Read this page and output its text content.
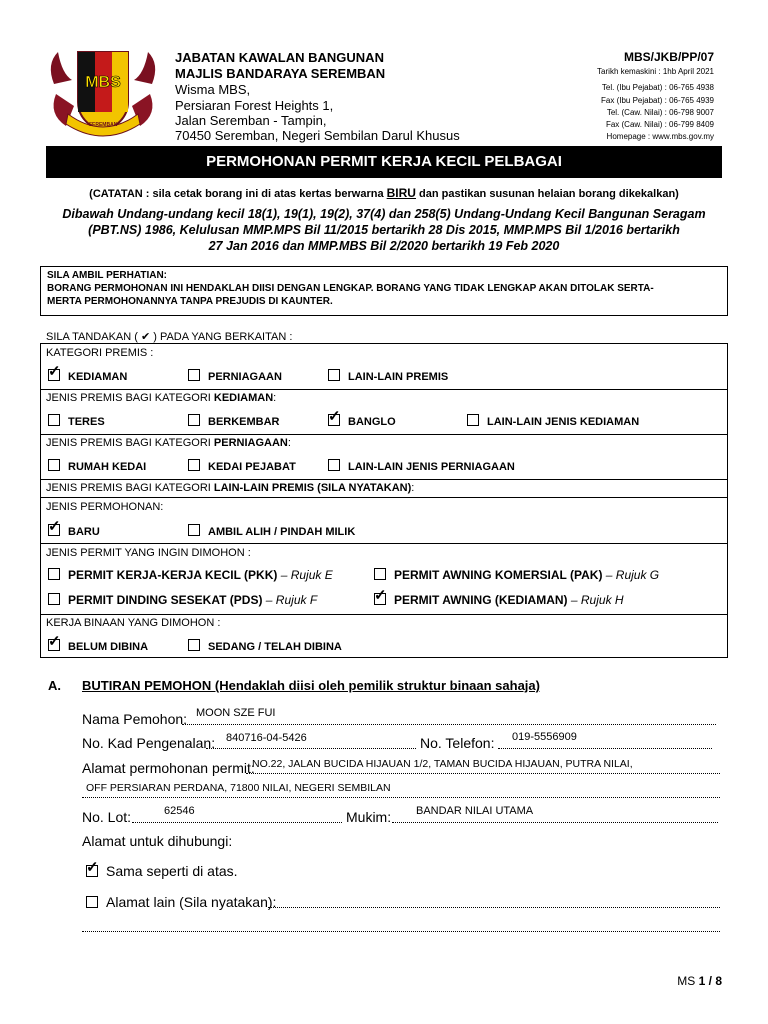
MBS
SEREMBAN
JABATAN KAWALAN BANGUNAN
MAJLIS BANDARAYA SEREMBAN
Wisma MBS,
Persiaran Forest Heights 1,
Jalan Seremban - Tampin,
70450 Seremban, Negeri Sembilan Darul Khusus
MBS/JKB/PP/07
Tarikh kemaskini : 1hb April 2021
Tel. (Ibu Pejabat) : 06-765 4938
Fax (Ibu Pejabat) : 06-765 4939
Tel. (Caw. Nilai) : 06-798 9007
Fax (Caw. Nilai) : 06-799 8409
Homepage : www.mbs.gov.my
PERMOHONAN PERMIT KERJA KECIL PELBAGAI
(CATATAN : sila cetak borang ini di atas kertas berwarna BIRU dan pastikan susunan helaian borang dikekalkan)
Dibawah Undang-undang kecil 18(1), 19(1), 19(2), 37(4) dan 258(5) Undang-Undang Kecil Bangunan Seragam
(PBT.NS) 1986, Kelulusan MMP.MPS Bil 11/2015 bertarikh 28 Dis 2015, MMP.MPS Bil 1/2016 bertarikh
27 Jan 2016 dan MMP.MBS Bil 2/2020 bertarikh 19 Feb 2020
SILA AMBIL PERHATIAN:
BORANG PERMOHONAN INI HENDAKLAH DIISI DENGAN LENGKAP. BORANG YANG TIDAK LENGKAP AKAN DITOLAK SERTA-
MERTA PERMOHONANNYA TANPA PREJUDIS DI KAUNTER.
SILA TANDAKAN ( ✔ ) PADA YANG BERKAITAN :
KATEGORI PREMIS :
✓ KEDIAMAN	PERNIAGAAN	LAIN-LAIN PREMIS
JENIS PREMIS BAGI KATEGORI KEDIAMAN:
TERES	BERKEMBAR	✓ BANGLO	LAIN-LAIN JENIS KEDIAMAN
JENIS PREMIS BAGI KATEGORI PERNIAGAAN:
RUMAH KEDAI	KEDAI PEJABAT	LAIN-LAIN JENIS PERNIAGAAN
JENIS PREMIS BAGI KATEGORI LAIN-LAIN PREMIS (SILA NYATAKAN):
JENIS PERMOHONAN:
✓ BARU	AMBIL ALIH / PINDAH MILIK
JENIS PERMIT YANG INGIN DIMOHON :
PERMIT KERJA-KERJA KECIL (PKK) – Rujuk E	PERMIT AWNING KOMERSIAL (PAK) – Rujuk G
PERMIT DINDING SESEKAT (PDS) – Rujuk F	✓ PERMIT AWNING (KEDIAMAN) – Rujuk H
KERJA BINAAN YANG DIMOHON :
✓ BELUM DIBINA	SEDANG / TELAH DIBINA
A. BUTIRAN PEMOHON (Hendaklah diisi oleh pemilik struktur binaan sahaja)
Nama Pemohon: MOON SZE FUI
No. Kad Pengenalan: 840716-04-5426	No. Telefon: 019-5556909
Alamat permohonan permit:
NO.22, JALAN BUCIDA HIJAUAN 1/2, TAMAN BUCIDA HIJAUAN, PUTRA NILAI,
OFF PERSIARAN PERDANA, 71800 NILAI, NEGERI SEMBILAN
No. Lot:	62546	Mukim: BANDAR NILAI UTAMA
Alamat untuk dihubungi:
✓ Sama seperti di atas.
Alamat lain (Sila nyatakan):
MS 1 / 8
